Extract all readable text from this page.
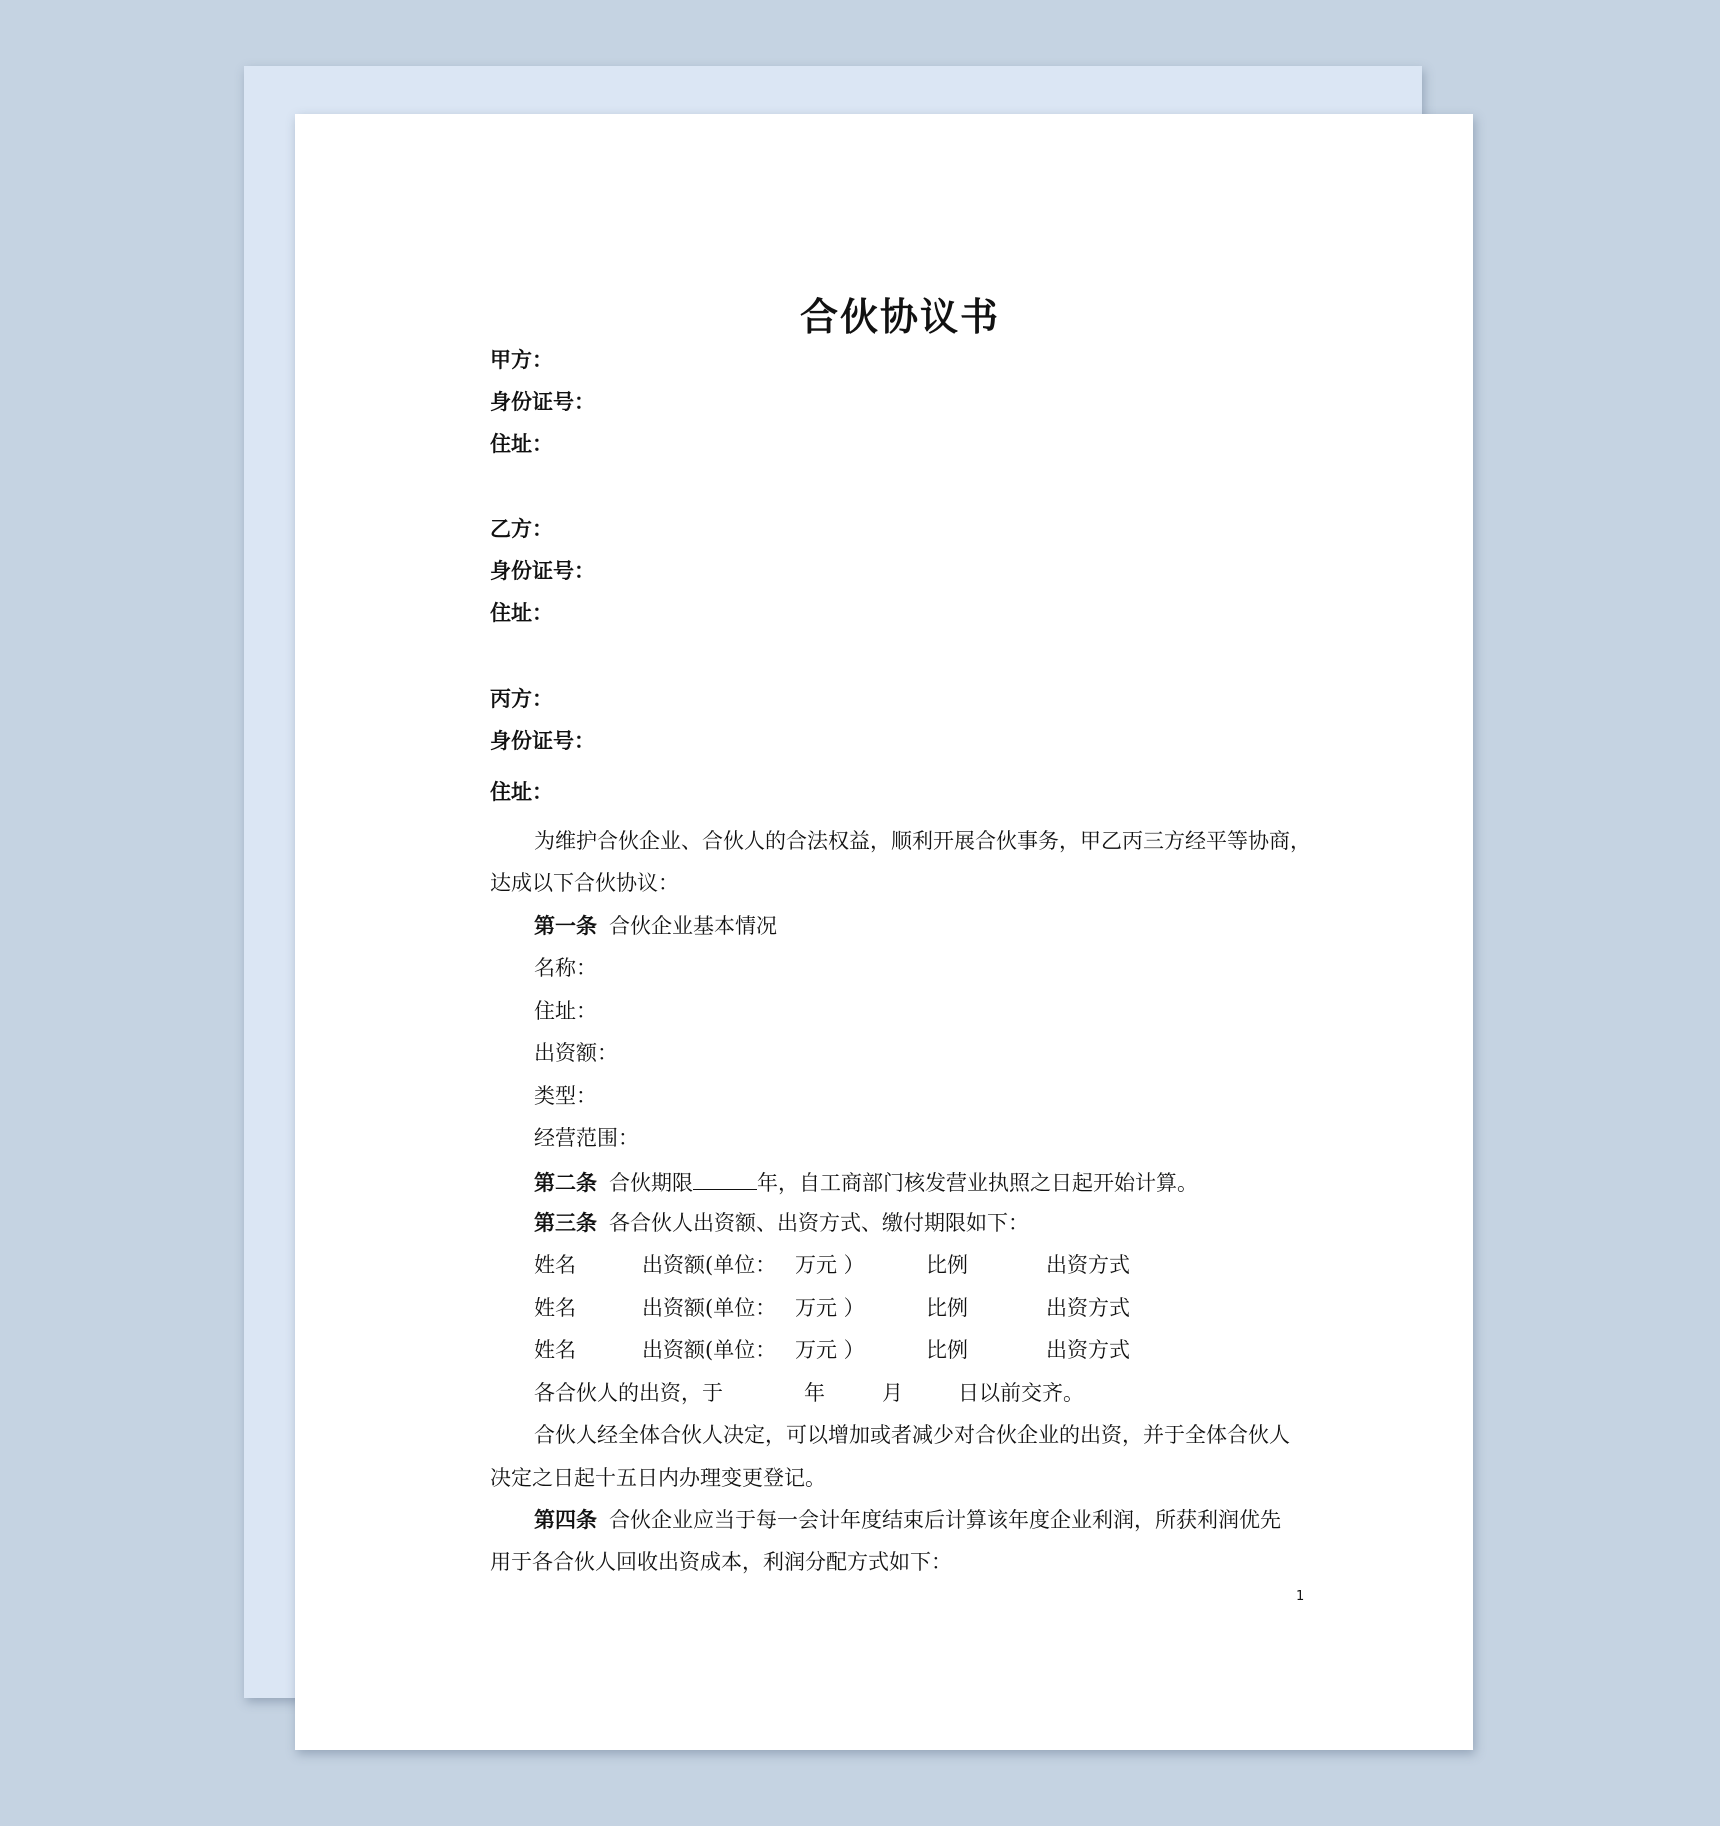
合伙协议书
甲方：
身份证号：
住址：
乙方：
身份证号：
住址：
丙方：
身份证号：
住址：
为维护合伙企业、合伙人的合法权益，顺利开展合伙事务，甲乙丙三方经平等协商，
达成以下合伙协议：
第一条 合伙企业基本情况
名称：
住址：
出资额：
类型：
经营范围：
第二条 合伙期限	年，自工商部门核发营业执照之日起开始计算。
第三条 各合伙人出资额、出资方式、缴付期限如下：
姓名	出资额(单位： 万元 ）	比例	出资方式
姓名	出资额(单位： 万元 ）	比例	出资方式
姓名	出资额(单位： 万元 ）	比例	出资方式
各合伙人的出资，于	年	月	日以前交齐。
合伙人经全体合伙人决定，可以增加或者减少对合伙企业的出资，并于全体合伙人
决定之日起十五日内办理变更登记。
第四条 合伙企业应当于每一会计年度结束后计算该年度企业利润，所获利润优先
用于各合伙人回收出资成本，利润分配方式如下：
1
